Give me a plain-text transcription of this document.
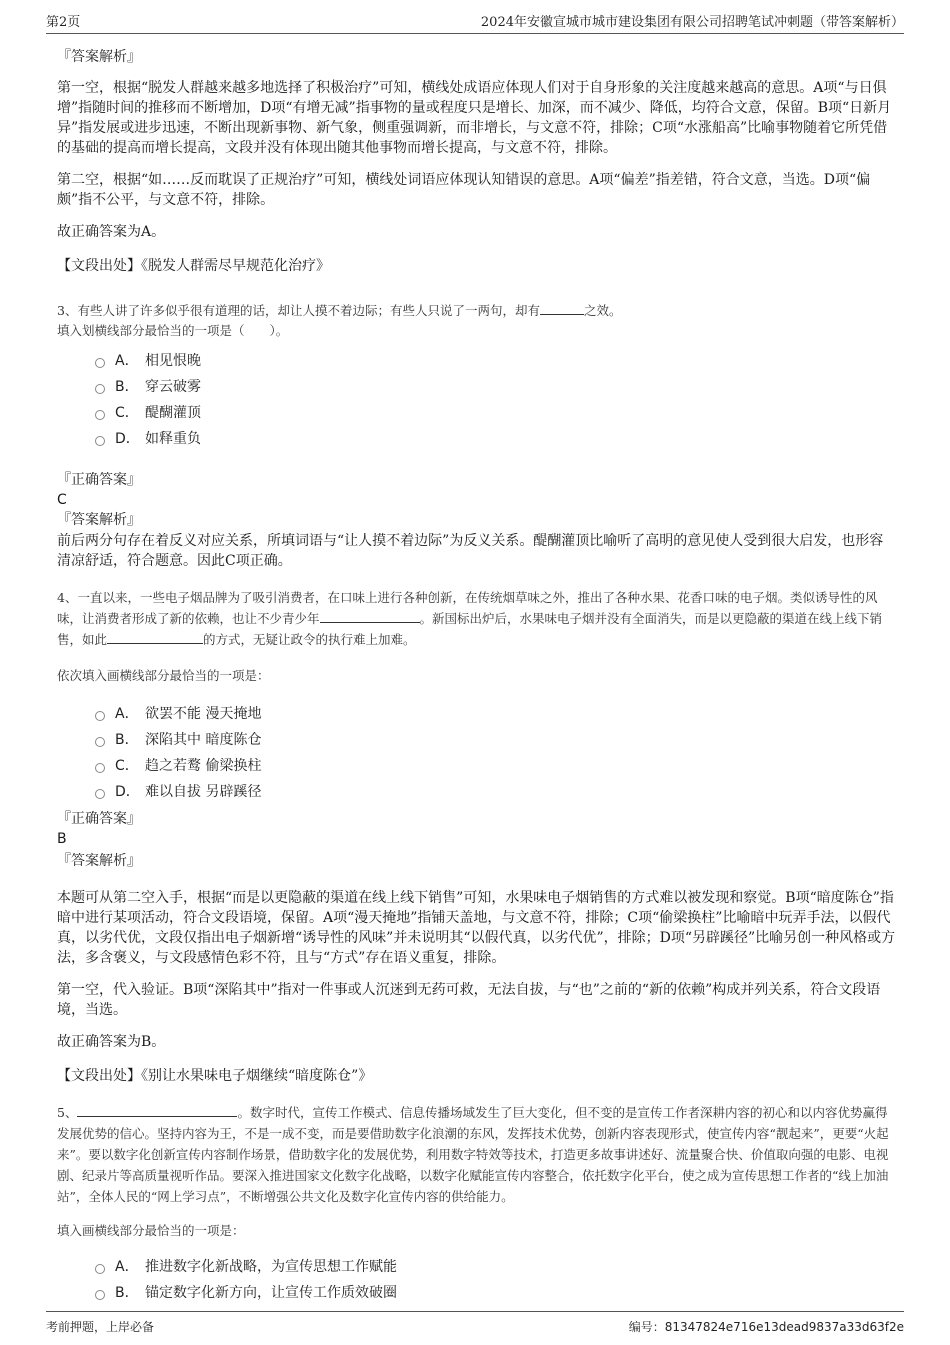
第2页	2024年安徽宣城市城市建设集团有限公司招聘笔试冲刺题（带答案解析）
『答案解析』
第一空，根据“脱发人群越来越多地选择了积极治疗”可知，横线处成语应体现人们对于自身形象的关注度越来越高的意思。A项“与日俱增”指随时间的推移而不断增加，D项“有增无减”指事物的量或程度只是增长、加深，而不减少、降低，均符合文意，保留。B项“日新月异”指发展或进步迅速，不断出现新事物、新气象，侧重强调新，而非增长，与文意不符，排除；C项“水涨船高”比喻事物随着它所凭借的基础的提高而增长提高，文段并没有体现出随其他事物而增长提高，与文意不符，排除。
第二空，根据“如……反而耽误了正规治疗”可知，横线处词语应体现认知错误的意思。A项“偏差”指差错，符合文意，当选。D项“偏颇”指不公平，与文意不符，排除。
故正确答案为A。
【文段出处】《脱发人群需尽早规范化治疗》
3、有些人讲了许多似乎很有道理的话，却让人摸不着边际；有些人只说了一两句，却有	之效。
填入划横线部分最恰当的一项是（　　）。
A． 相见恨晚
B． 穿云破雾
C． 醍醐灌顶
D． 如释重负
『正确答案』
C
『答案解析』
前后两分句存在着反义对应关系，所填词语与“让人摸不着边际”为反义关系。醍醐灌顶比喻听了高明的意见使人受到很大启发，也形容清凉舒适，符合题意。因此C项正确。
4、一直以来，一些电子烟品牌为了吸引消费者，在口味上进行各种创新，在传统烟草味之外，推出了各种水果、花香口味的电子烟。类似诱导性的风味，让消费者形成了新的依赖，也让不少青少年	。新国标出炉后，水果味电子烟并没有全面消失，而是以更隐蔽的渠道在线上线下销售，如此	的方式，无疑让政令的执行难上加难。
依次填入画横线部分最恰当的一项是：
A． 欲罢不能 漫天掩地
B． 深陷其中 暗度陈仓
C． 趋之若鹜 偷梁换柱
D． 难以自拔 另辟蹊径
『正确答案』
B
『答案解析』
本题可从第二空入手，根据“而是以更隐蔽的渠道在线上线下销售”可知，水果味电子烟销售的方式难以被发现和察觉。B项“暗度陈仓”指暗中进行某项活动，符合文段语境，保留。A项“漫天掩地”指铺天盖地，与文意不符，排除；C项“偷梁换柱”比喻暗中玩弄手法，以假代真，以劣代优，文段仅指出电子烟新增“诱导性的风味”并未说明其“以假代真，以劣代优”，排除；D项“另辟蹊径”比喻另创一种风格或方法，多含褒义，与文段感情色彩不符，且与“方式”存在语义重复，排除。
第一空，代入验证。B项“深陷其中”指对一件事或人沉迷到无药可救，无法自拔，与“也”之前的“新的依赖”构成并列关系，符合文段语境，当选。
故正确答案为B。
【文段出处】《别让水果味电子烟继续“暗度陈仓”》
5、	。数字时代，宣传工作模式、信息传播场域发生了巨大变化，但不变的是宣传工作者深耕内容的初心和以内容优势赢得发展优势的信心。坚持内容为王，不是一成不变，而是要借助数字化浪潮的东风，发挥技术优势，创新内容表现形式，使宣传内容“靓起来”，更要“火起来”。要以数字化创新宣传内容制作场景，借助数字化的发展优势，利用数字特效等技术，打造更多故事讲述好、流量聚合快、价值取向强的电影、电视剧、纪录片等高质量视听作品。要深入推进国家文化数字化战略，以数字化赋能宣传内容整合，依托数字化平台，使之成为宣传思想工作者的“线上加油站”，全体人民的“网上学习点”，不断增强公共文化及数字化宣传内容的供给能力。
填入画横线部分最恰当的一项是：
A． 推进数字化新战略，为宣传思想工作赋能
B． 锚定数字化新方向，让宣传工作质效破圈
考前押题，上岸必备	编号：81347824e716e13dead9837a33d63f2e
